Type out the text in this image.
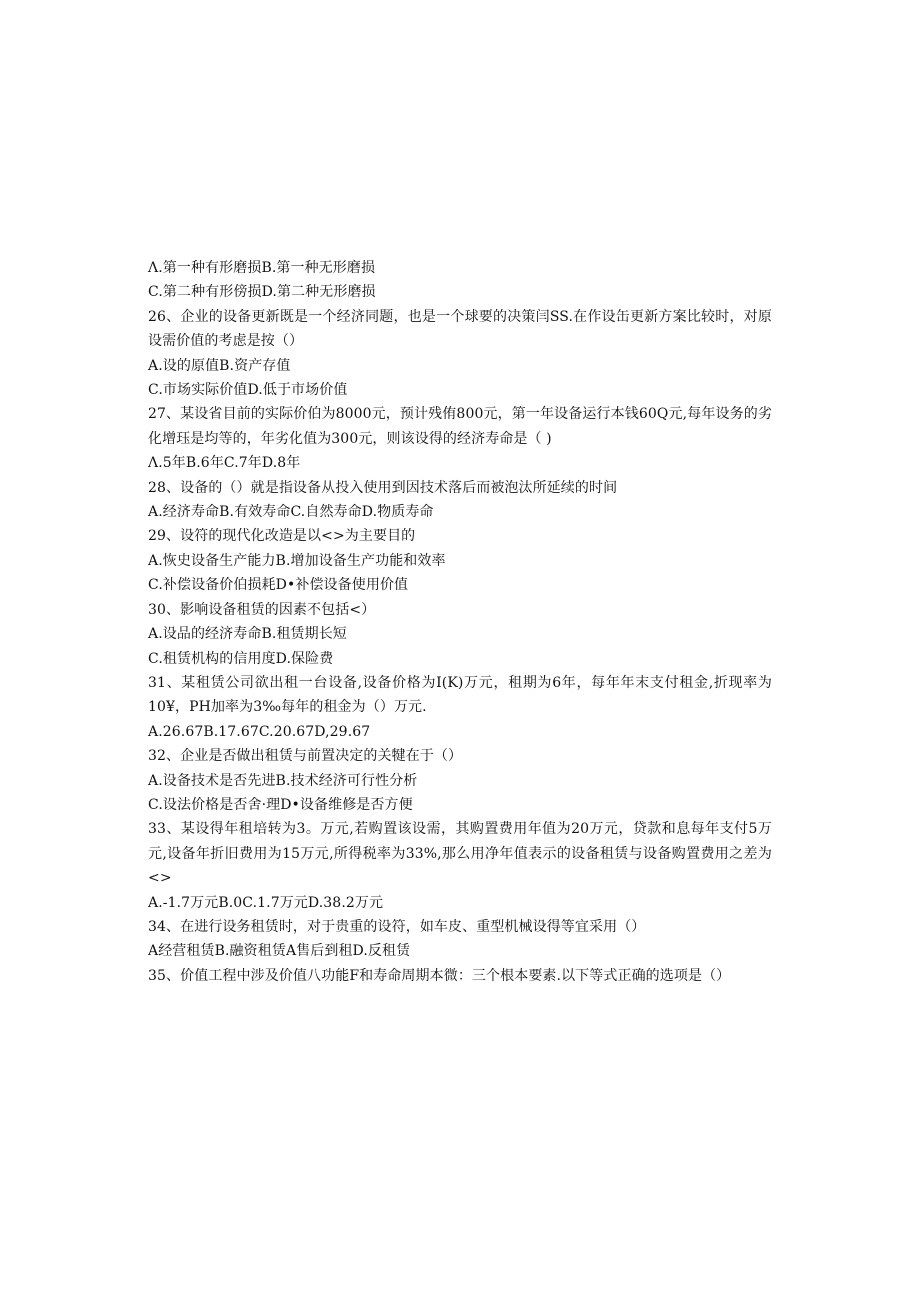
Λ.第一种有形磨损B.第一种无形磨损
C.第二种有形傍损D.第二种无形磨损
26、企业的设备更新既是一个经济同题，也是一个球要的决策闫SS.在作设缶更新方案比较时，对原设需价值的考虑是按（）
A.设的原值B.资产存值
C.市场实际价值D.低于市场价值
27、某设省目前的实际价伯为8000元，预计残侑800元，第一年设备运行本钱60Q元,每年设务的劣化增珏是均等的，年劣化值为300元，则该设得的经济寿命是（ )
Λ.5年B.6年C.7年D.8年
28、设备的（）就是指设备从投入使用到因技术落后而被泡汰所延续的时间
A.经济寿命B.有效寿命C.自然寿命D.物质寿命
29、设符的现代化改造是以<>为主要目的
A.恢史设备生产能力B.增加设备生产功能和效率
C.补偿设备价伯损耗D•补偿设备使用价值
30、影响设备租赁的因素不包括<）
A.设品的经济寿命B.租赁期长短
C.租赁机构的信用度D.保险费
31、某租赁公司欲出租一台设备,设备价格为I(K)万元，租期为6年，每年年末支付租金,折现率为10¥，PH加率为3‰每年的租金为（）万元.
A.26.67B.17.67C.20.67D,29.67
32、企业是否做出租赁与前置决定的关犍在于（）
A.设备技术是否先进B.技术经济可行性分析
C.设法价格是否舍·理D•设备维修是否方便
33、某设得年租培转为3。万元,若购置该设需，其购置费用年值为20万元，贷款和息每年支付5万元,设备年折旧费用为15万元,所得税率为33%,那么用净年值表示的设备租赁与设备购置费用之差为<>
A.-1.7万元B.0C.1.7万元D.38.2万元
34、在进行设务租赁时，对于贵重的设符，如车皮、重型机械设得等宜采用（）
A经营租赁B.融资租赁A售后到租D.反租赁
35、价值工程中涉及价值八功能F和寿命周期本微：三个根本要素.以下等式正确的选项是（）
